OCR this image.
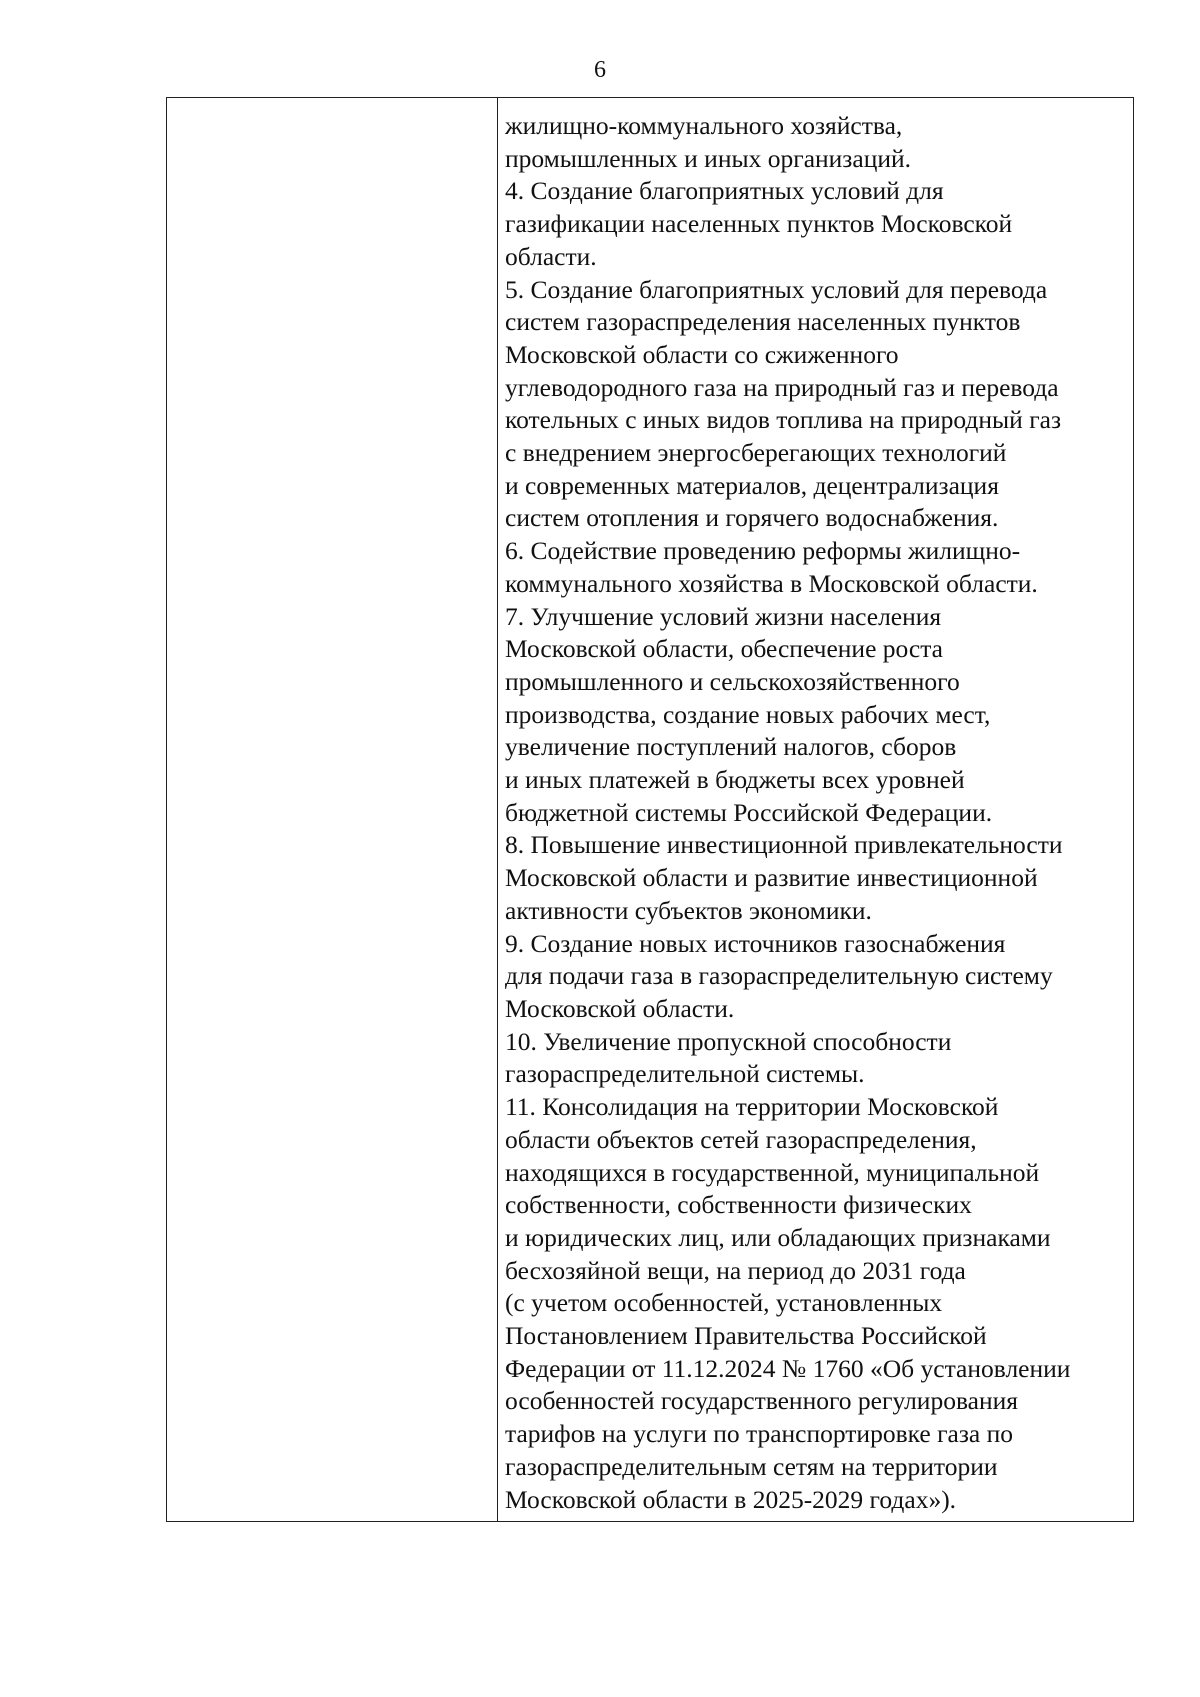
6
жилищно-коммунального хозяйства,
промышленных и иных организаций.
4. Создание благоприятных условий для
газификации населенных пунктов Московской
области.
5. Создание благоприятных условий для перевода
систем газораспределения населенных пунктов
Московской области со сжиженного
углеводородного газа на природный газ и перевода
котельных с иных видов топлива на природный газ
с внедрением энергосберегающих технологий
и современных материалов, децентрализация
систем отопления и горячего водоснабжения.
6. Содействие проведению реформы жилищно-
коммунального хозяйства в Московской области.
7. Улучшение условий жизни населения
Московской области, обеспечение роста
промышленного и сельскохозяйственного
производства, создание новых рабочих мест,
увеличение поступлений налогов, сборов
и иных платежей в бюджеты всех уровней
бюджетной системы Российской Федерации.
8. Повышение инвестиционной привлекательности
Московской области и развитие инвестиционной
активности субъектов экономики.
9. Создание новых источников газоснабжения
для подачи газа в газораспределительную систему
Московской области.
10. Увеличение пропускной способности
газораспределительной системы.
11. Консолидация на территории Московской
области объектов сетей газораспределения,
находящихся в государственной, муниципальной
собственности, собственности физических
и юридических лиц, или обладающих признаками
бесхозяйной вещи, на период до 2031 года
(с учетом особенностей, установленных
Постановлением Правительства Российской
Федерации от 11.12.2024 № 1760 «Об установлении
особенностей государственного регулирования
тарифов на услуги по транспортировке газа по
газораспределительным сетям на территории
Московской области в 2025-2029 годах»).
